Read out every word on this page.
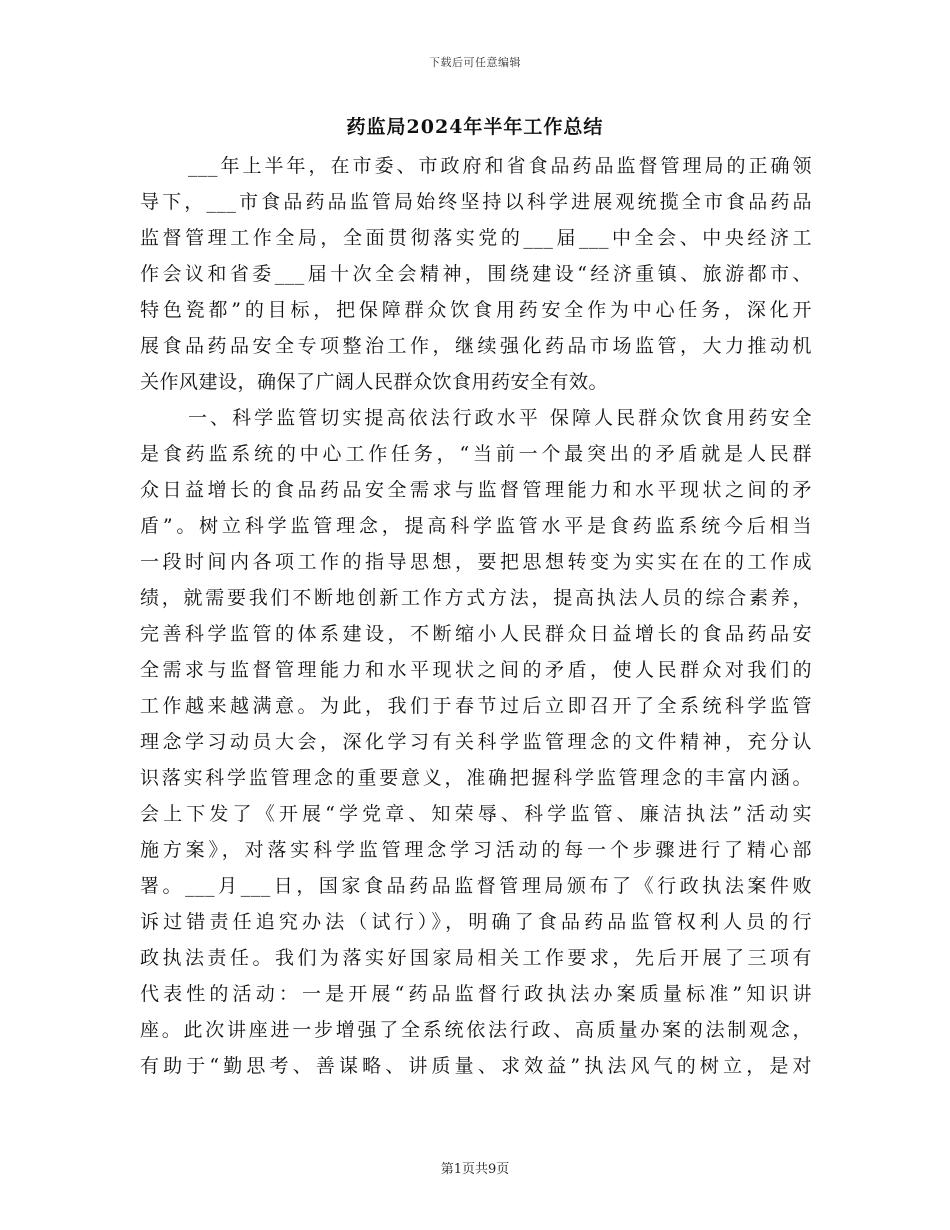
下载后可任意编辑
药监局2024年半年工作总结
___年上半年，在市委、市政府和省食品药品监督管理局的正确领
导下，___市食品药品监管局始终坚持以科学进展观统揽全市食品药品
监督管理工作全局，全面贯彻落实党的___届___中全会、中央经济工
作会议和省委___届十次全会精神，围绕建设“经济重镇、旅游都市、
特色瓷都”的目标，把保障群众饮食用药安全作为中心任务，深化开
展食品药品安全专项整治工作，继续强化药品市场监管，大力推动机
关作风建设，确保了广阔人民群众饮食用药安全有效。
一、科学监管切实提高依法行政水平 保障人民群众饮食用药安全
是食药监系统的中心工作任务，“当前一个最突出的矛盾就是人民群
众日益增长的食品药品安全需求与监督管理能力和水平现状之间的矛
盾”。树立科学监管理念，提高科学监管水平是食药监系统今后相当
一段时间内各项工作的指导思想，要把思想转变为实实在在的工作成
绩，就需要我们不断地创新工作方式方法，提高执法人员的综合素养，
完善科学监管的体系建设，不断缩小人民群众日益增长的食品药品安
全需求与监督管理能力和水平现状之间的矛盾，使人民群众对我们的
工作越来越满意。为此，我们于春节过后立即召开了全系统科学监管
理念学习动员大会，深化学习有关科学监管理念的文件精神，充分认
识落实科学监管理念的重要意义，准确把握科学监管理念的丰富内涵。
会上下发了《开展“学党章、知荣辱、科学监管、廉洁执法”活动实
施方案》，对落实科学监管理念学习活动的每一个步骤进行了精心部
署。___月___日，国家食品药品监督管理局颁布了《行政执法案件败
诉过错责任追究办法（试行）》，明确了食品药品监管权利人员的行
政执法责任。我们为落实好国家局相关工作要求，先后开展了三项有
代表性的活动：一是开展“药品监督行政执法办案质量标准”知识讲
座。此次讲座进一步增强了全系统依法行政、高质量办案的法制观念，
有助于“勤思考、善谋略、讲质量、求效益”执法风气的树立，是对
第1页共9页
